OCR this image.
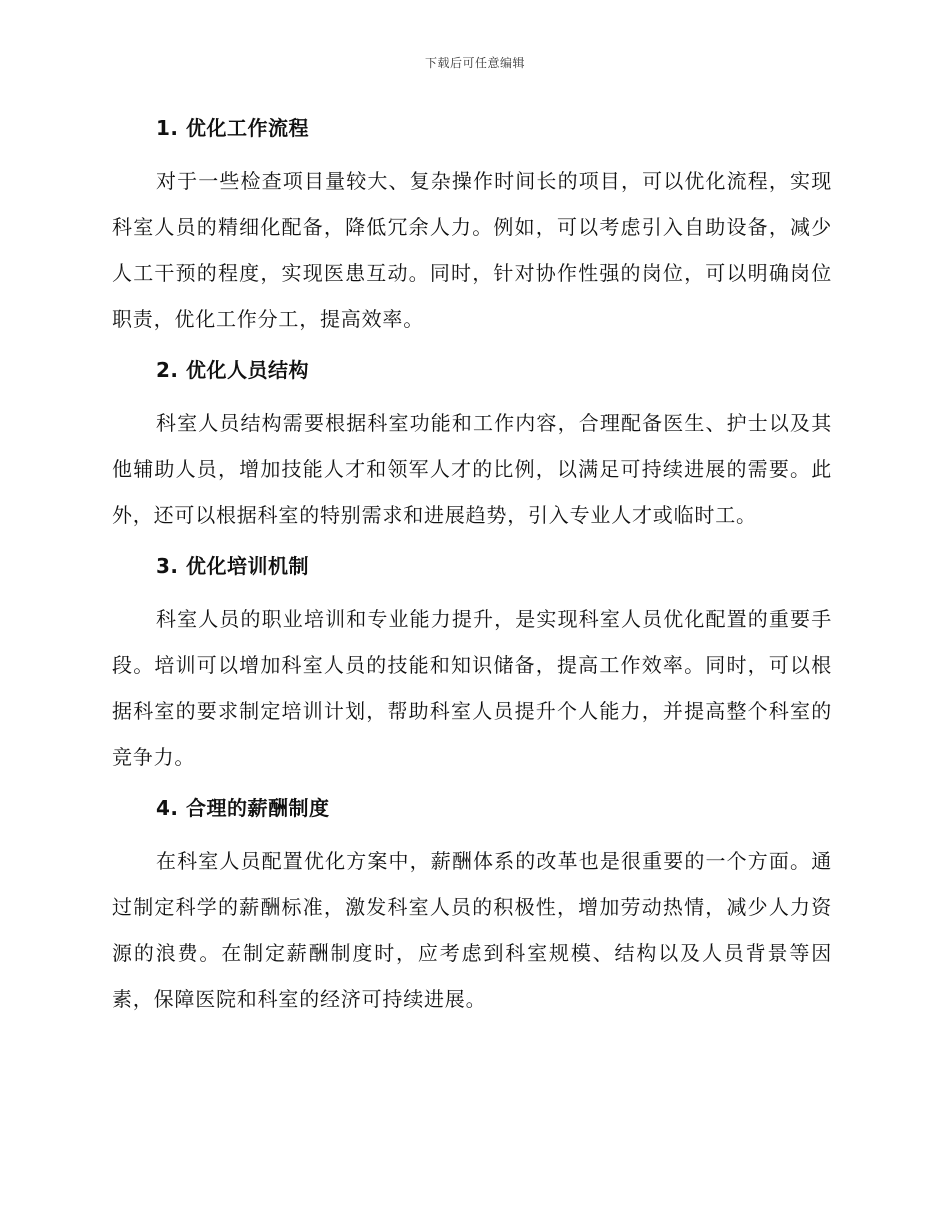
下载后可任意编辑
1. 优化工作流程

对于一些检查项目量较大、复杂操作时间长的项目，可以优化流程，实现科室人员的精细化配备，降低冗余人力。例如，可以考虑引入自助设备，减少人工干预的程度，实现医患互动。同时，针对协作性强的岗位，可以明确岗位职责，优化工作分工，提高效率。

2. 优化人员结构

科室人员结构需要根据科室功能和工作内容，合理配备医生、护士以及其他辅助人员，增加技能人才和领军人才的比例，以满足可持续进展的需要。此外，还可以根据科室的特别需求和进展趋势，引入专业人才或临时工。

3. 优化培训机制

科室人员的职业培训和专业能力提升，是实现科室人员优化配置的重要手段。培训可以增加科室人员的技能和知识储备，提高工作效率。同时，可以根据科室的要求制定培训计划，帮助科室人员提升个人能力，并提高整个科室的竞争力。

4. 合理的薪酬制度

在科室人员配置优化方案中，薪酬体系的改革也是很重要的一个方面。通过制定科学的薪酬标准，激发科室人员的积极性，增加劳动热情，减少人力资源的浪费。在制定薪酬制度时，应考虑到科室规模、结构以及人员背景等因素，保障医院和科室的经济可持续进展。
